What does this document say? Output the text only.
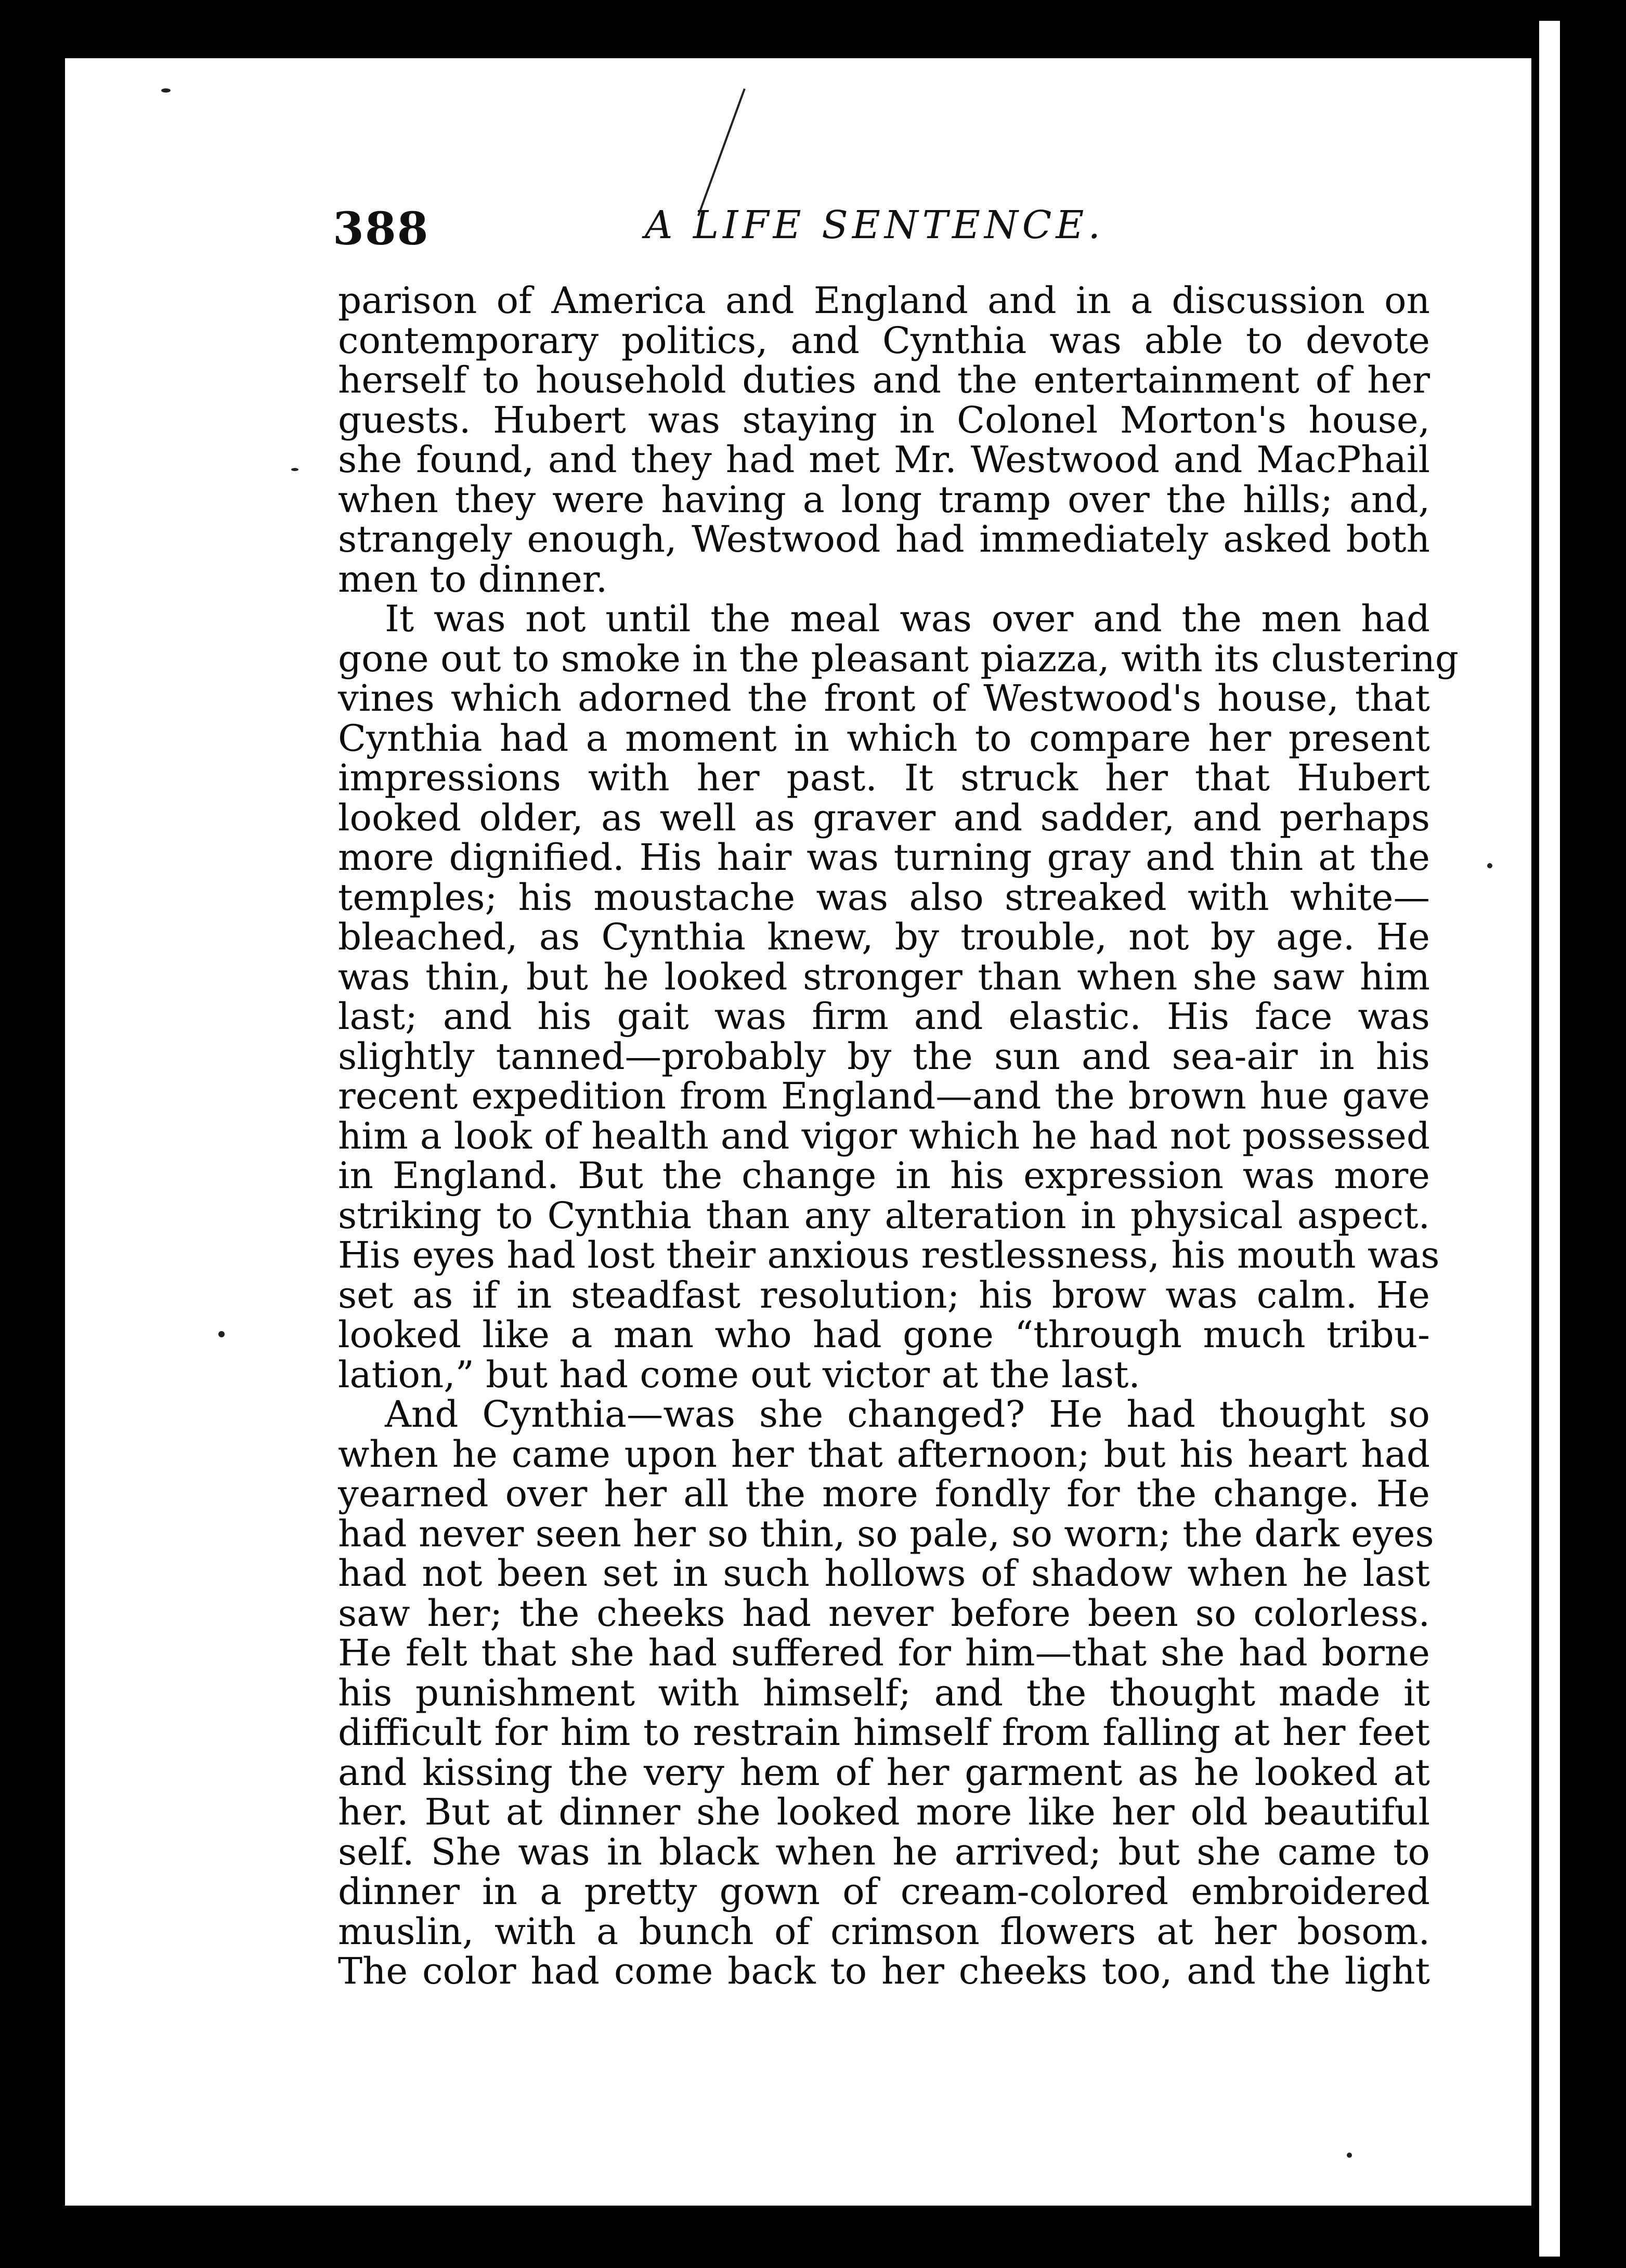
388	A LIFE SENTENCE.
parison of America and England and in a discussion on
contemporary politics, and Cynthia was able to devote
herself to household duties and the entertainment of her
guests. Hubert was staying in Colonel Morton's house,
she found, and they had met Mr. Westwood and MacPhail
when they were having a long tramp over the hills; and,
strangely enough, Westwood had immediately asked both
men to dinner.
It was not until the meal was over and the men had
gone out to smoke in the pleasant piazza, with its clustering
vines which adorned the front of Westwood's house, that
Cynthia had a moment in which to compare her present
impressions with her past. It struck her that Hubert
looked older, as well as graver and sadder, and perhaps
more dignified. His hair was turning gray and thin at the
temples; his moustache was also streaked with white—
bleached, as Cynthia knew, by trouble, not by age. He
was thin, but he looked stronger than when she saw him
last; and his gait was firm and elastic. His face was
slightly tanned—probably by the sun and sea-air in his
recent expedition from England—and the brown hue gave
him a look of health and vigor which he had not possessed
in England. But the change in his expression was more
striking to Cynthia than any alteration in physical aspect.
His eyes had lost their anxious restlessness, his mouth was
set as if in steadfast resolution; his brow was calm. He
looked like a man who had gone “through much tribu-
lation,” but had come out victor at the last.
And Cynthia—was she changed? He had thought so
when he came upon her that afternoon; but his heart had
yearned over her all the more fondly for the change. He
had never seen her so thin, so pale, so worn; the dark eyes
had not been set in such hollows of shadow when he last
saw her; the cheeks had never before been so colorless.
He felt that she had suffered for him—that she had borne
his punishment with himself; and the thought made it
difficult for him to restrain himself from falling at her feet
and kissing the very hem of her garment as he looked at
her. But at dinner she looked more like her old beautiful
self. She was in black when he arrived; but she came to
dinner in a pretty gown of cream-colored embroidered
muslin, with a bunch of crimson flowers at her bosom.
The color had come back to her cheeks too, and the light
